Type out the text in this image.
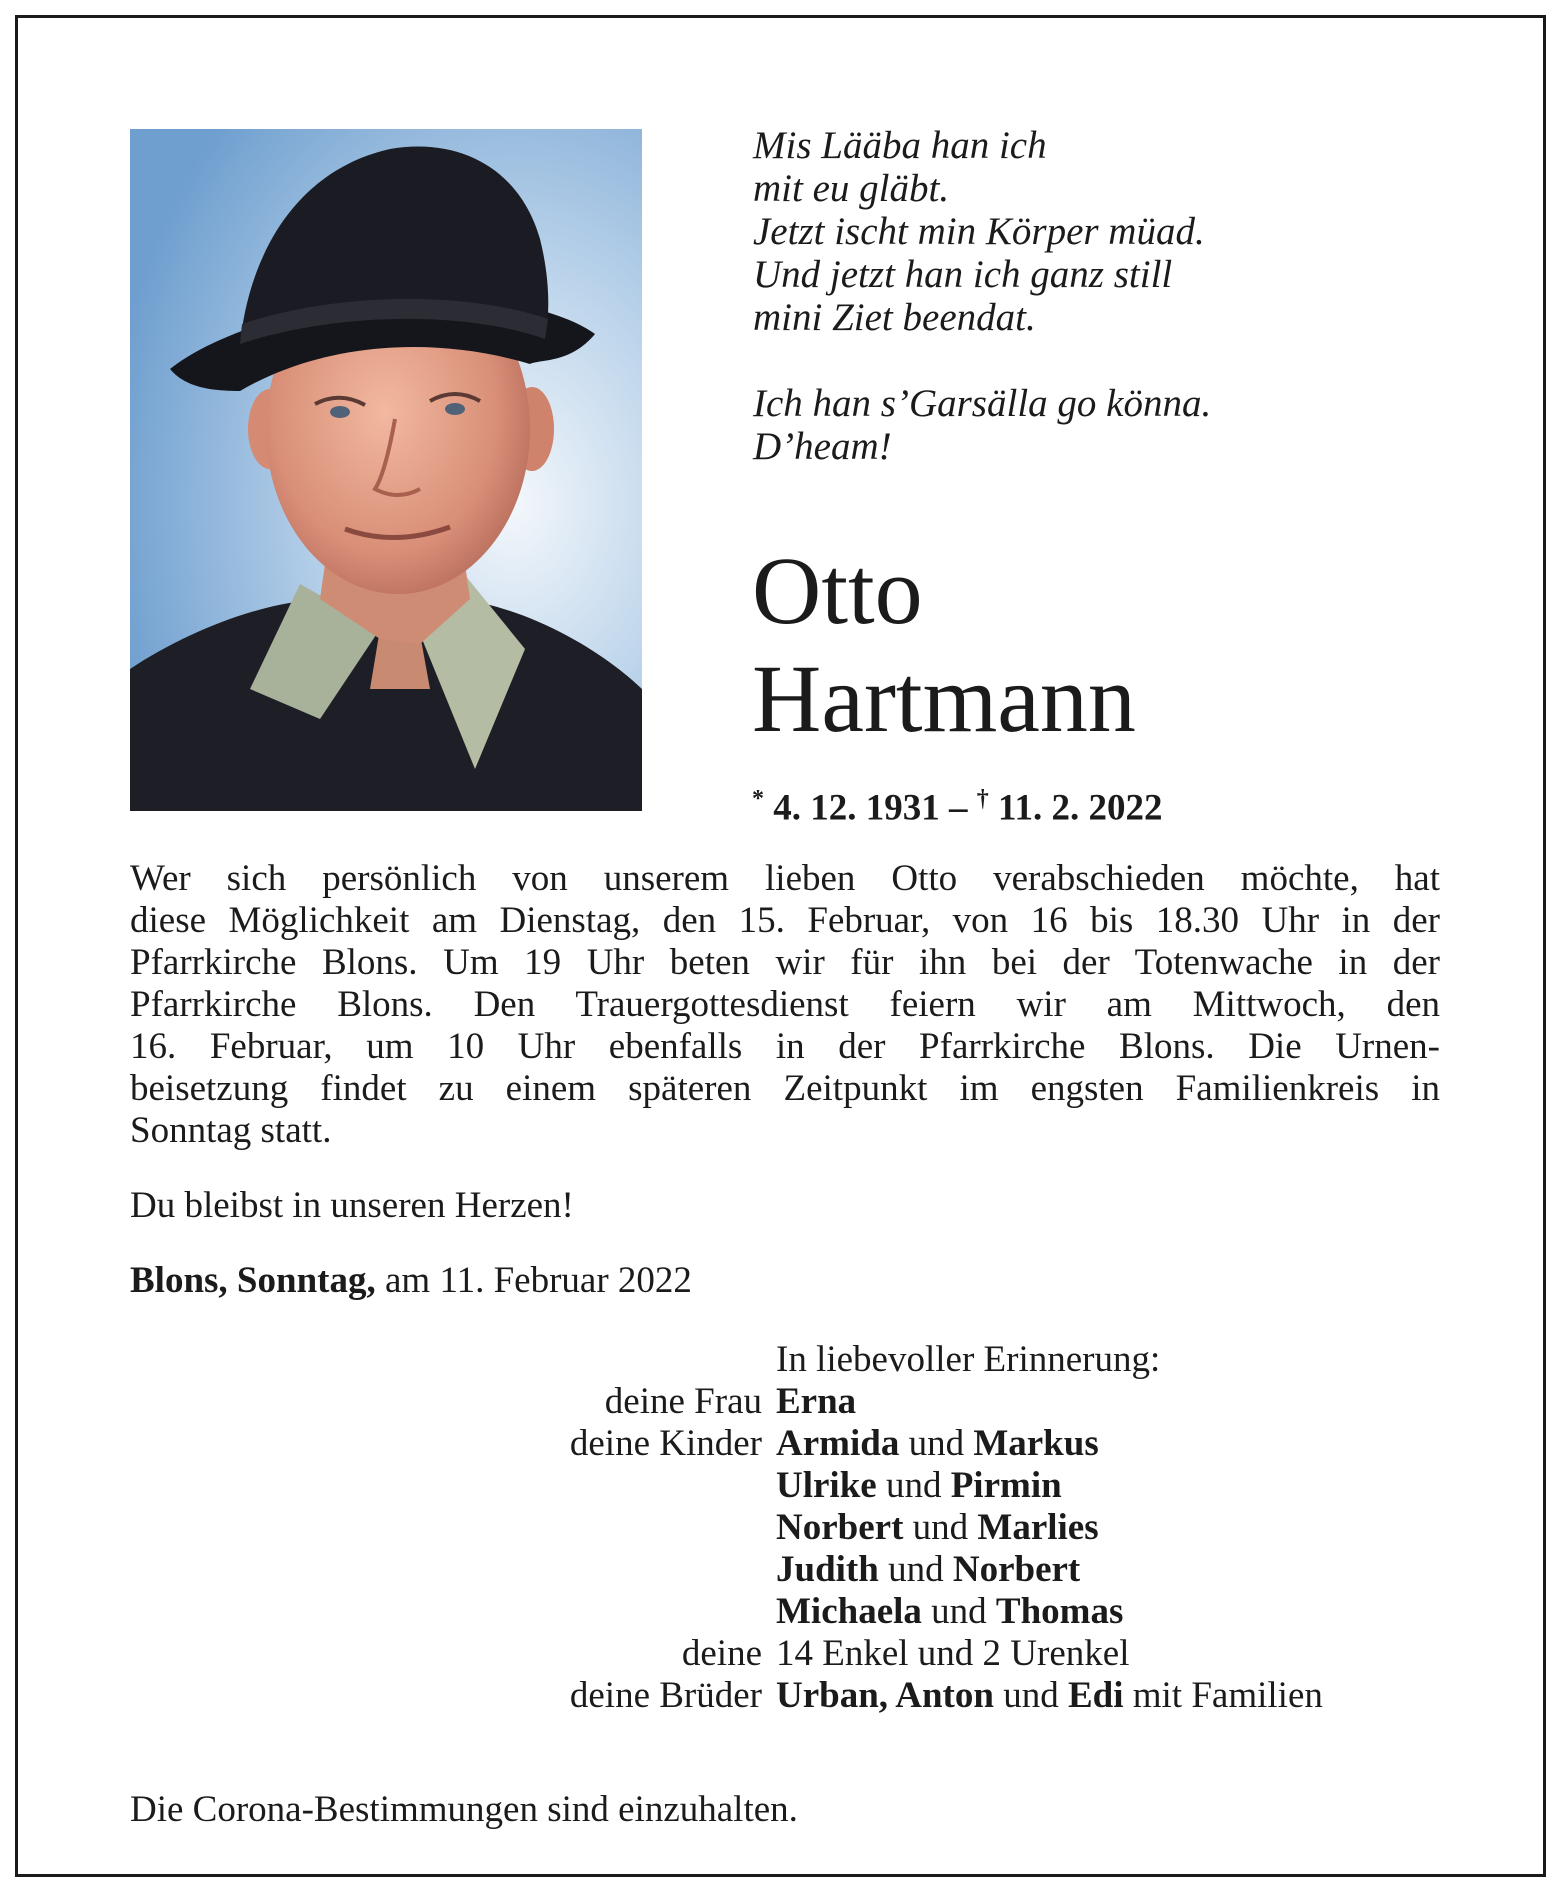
Mis Lääba han ich
mit eu gläbt.
Jetzt ischt min Körper müad.
Und jetzt han ich ganz still
mini Ziet beendat.
Ich han s’Garsälla go könna.
D’heam!
Otto
Hartmann
* 4. 12. 1931 – † 11. 2. 2022
Wer sich persönlich von unserem lieben Otto verabschieden möchte, hat
diese Möglichkeit am Dienstag, den 15. Februar, von 16 bis 18.30 Uhr in der
Pfarrkirche Blons. Um 19 Uhr beten wir für ihn bei der Totenwache in der
Pfarrkirche Blons. Den Trauergottesdienst feiern wir am Mittwoch, den
16. Februar, um 10 Uhr ebenfalls in der Pfarrkirche Blons. Die Urnen-
beisetzung findet zu einem späteren Zeitpunkt im engsten Familienkreis in
Sonntag statt.
Du bleibst in unseren Herzen!
Blons, Sonntag, am 11. Februar 2022
In liebevoller Erinnerung:
deine Frau Erna
deine Kinder Armida und Markus
Ulrike und Pirmin
Norbert und Marlies
Judith und Norbert
Michaela und Thomas
deine 14 Enkel und 2 Urenkel
deine Brüder Urban, Anton und Edi mit Familien
Die Corona-Bestimmungen sind einzuhalten.
